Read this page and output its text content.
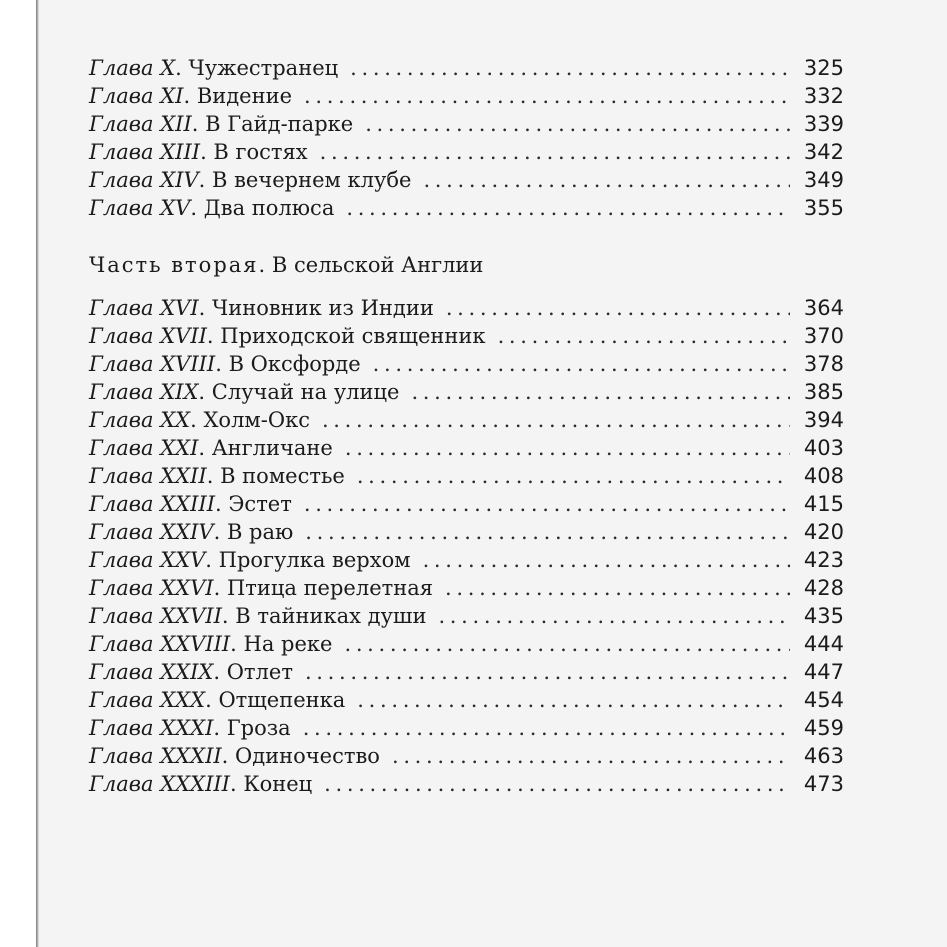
Глава X. Чужестранец . . .	325
Глава XI. Видение . . .	332
Глава XII. В Гайд-парке . . .	339
Глава XIII. В гостях . . .	342
Глава XIV. В вечернем клубе . . .	349
Глава XV. Два полюса . . .	355
Часть вторая. В сельской Англии
Глава XVI. Чиновник из Индии . . .	364
Глава XVII. Приходской священник . . .	370
Глава XVIII. В Оксфорде . . .	378
Глава XIX. Случай на улице . . .	385
Глава XX. Холм-Окс . . .	394
Глава XXI. Англичане . . .	403
Глава XXII. В поместье . . .	408
Глава XXIII. Эстет . . .	415
Глава XXIV. В раю . . .	420
Глава XXV. Прогулка верхом . . .	423
Глава XXVI. Птица перелетная . . .	428
Глава XXVII. В тайниках души . . .	435
Глава XXVIII. На реке . . .	444
Глава XXIX. Отлет . . .	447
Глава XXX. Отщепенка . . .	454
Глава XXXI. Гроза . . .	459
Глава XXXII. Одиночество . . .	463
Глава XXXIII. Конец . . .	473
